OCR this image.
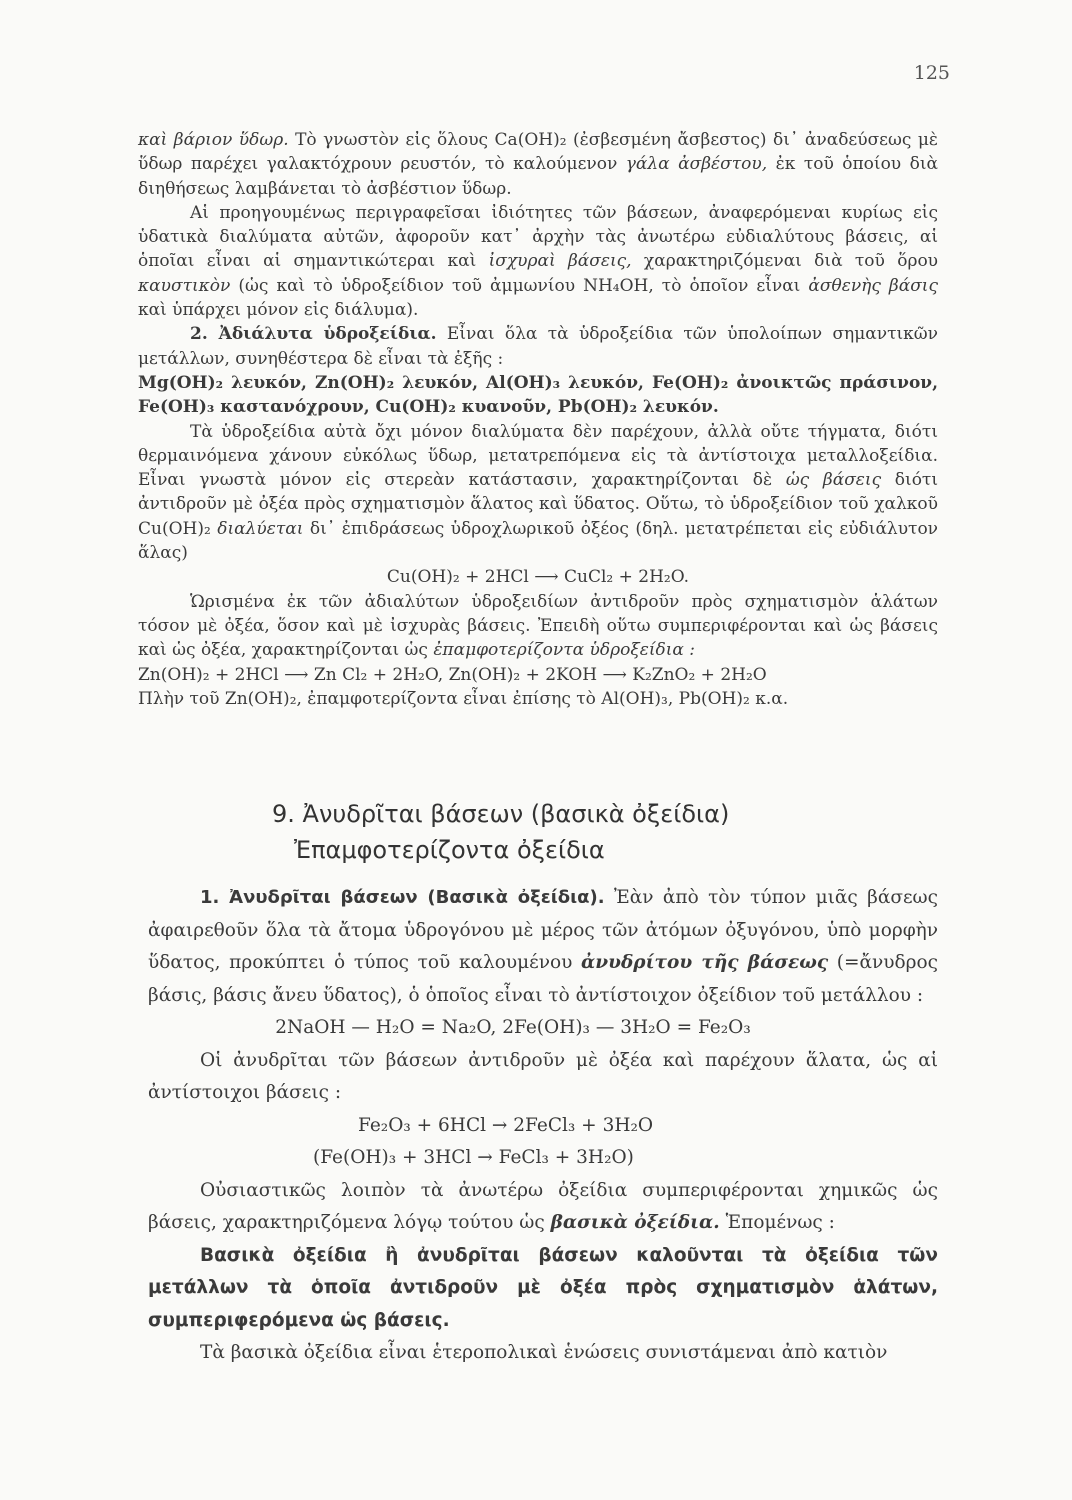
125

καὶ βάριον ὕδωρ. Τὸ γνωστὸν εἰς ὅλους Ca(OH)₂ (ἐσβεσμένη ἄσβεστος) δι᾽ ἀναδεύσεως μὲ ὕδωρ παρέχει γαλακτόχρουν ρευστόν, τὸ καλούμενον γάλα ἀσβέστου, ἐκ τοῦ ὁποίου διὰ διηθήσεως λαμβάνεται τὸ ἀσβέστιον ὕδωρ.

Αἱ προηγουμένως περιγραφεῖσαι ἰδιότητες τῶν βάσεων, ἀναφερόμεναι κυρίως εἰς ὑδατικὰ διαλύματα αὐτῶν, ἀφοροῦν κατ᾽ ἀρχὴν τὰς ἀνωτέρω εὐδιαλύτους βάσεις, αἱ ὁποῖαι εἶναι αἱ σημαντικώτεραι καὶ ἰσχυραὶ βάσεις, χαρακτηριζόμεναι διὰ τοῦ ὅρου καυστικὸν (ὡς καὶ τὸ ὑδροξείδιον τοῦ ἀμμωνίου NH₄OH, τὸ ὁποῖον εἶναι ἀσθενὴς βάσις καὶ ὑπάρχει μόνον εἰς διάλυμα).

2. Ἀδιάλυτα ὑδροξείδια. Εἶναι ὅλα τὰ ὑδροξείδια τῶν ὑπολοίπων σημαντικῶν μετάλλων, συνηθέστερα δὲ εἶναι τὰ ἑξῆς :

Mg(OH)₂ λευκόν, Zn(OH)₂ λευκόν, Al(OH)₃ λευκόν, Fe(OH)₂ ἀνοικτῶς πράσινον, Fe(OH)₃ καστανόχρουν, Cu(OH)₂ κυανοῦν, Pb(OH)₂ λευκόν.

Τὰ ὑδροξείδια αὐτὰ ὄχι μόνον διαλύματα δὲν παρέχουν, ἀλλὰ οὔτε τήγματα, διότι θερμαινόμενα χάνουν εὐκόλως ὕδωρ, μετατρεπόμενα εἰς τὰ ἀντίστοιχα μεταλλοξείδια. Εἶναι γνωστὰ μόνον εἰς στερεὰν κατάστασιν, χαρακτηρίζονται δὲ ὡς βάσεις διότι ἀντιδροῦν μὲ ὀξέα πρὸς σχηματισμὸν ἅλατος καὶ ὕδατος. Οὕτω, τὸ ὑδροξείδιον τοῦ χαλκοῦ Cu(OH)₂ διαλύεται δι᾽ ἐπιδράσεως ὑδροχλωρικοῦ ὀξέος (δηλ. μετατρέπεται εἰς εὐδιάλυτον ἅλας)

Cu(OH)₂ + 2HCl ⟶ CuCl₂ + 2H₂O.

Ὡρισμένα ἐκ τῶν ἀδιαλύτων ὑδροξειδίων ἀντιδροῦν πρὸς σχηματισμὸν ἁλάτων τόσον μὲ ὀξέα, ὅσον καὶ μὲ ἰσχυρὰς βάσεις. Ἐπειδὴ οὕτω συμπεριφέρονται καὶ ὡς βάσεις καὶ ὡς ὀξέα, χαρακτηρίζονται ὡς ἐπαμφοτερίζοντα ὑδροξείδια :

Zn(OH)₂ + 2HCl ⟶ Zn Cl₂ + 2H₂O, Zn(OH)₂ + 2KOH ⟶ K₂ZnO₂ + 2H₂O

Πλὴν τοῦ Zn(OH)₂, ἐπαμφοτερίζοντα εἶναι ἐπίσης τὸ Al(OH)₃, Pb(OH)₂ κ.α.

9. Ἀνυδρῖται βάσεων (βασικὰ ὀξείδια)
Ἐπαμφοτερίζοντα ὀξείδια

1. Ἀνυδρῖται βάσεων (Βασικὰ ὀξείδια). Ἐὰν ἀπὸ τὸν τύπον μιᾶς βάσεως ἀφαιρεθοῦν ὅλα τὰ ἄτομα ὑδρογόνου μὲ μέρος τῶν ἀτόμων ὀξυγόνου, ὑπὸ μορφὴν ὕδατος, προκύπτει ὁ τύπος τοῦ καλουμένου ἀνυδρίτου τῆς βάσεως (=ἄνυδρος βάσις, βάσις ἄνευ ὕδατος), ὁ ὁποῖος εἶναι τὸ ἀντίστοιχον ὀξείδιον τοῦ μετάλλου :

2NaOH — H₂O = Na₂O, 2Fe(OH)₃ — 3H₂O = Fe₂O₃

Οἱ ἀνυδρῖται τῶν βάσεων ἀντιδροῦν μὲ ὀξέα καὶ παρέχουν ἅλατα, ὡς αἱ ἀντίστοιχοι βάσεις :

Fe₂O₃ + 6HCl → 2FeCl₃ + 3H₂O

(Fe(OH)₃ + 3HCl → FeCl₃ + 3H₂O)

Οὐσιαστικῶς λοιπὸν τὰ ἀνωτέρω ὀξείδια συμπεριφέρονται χημικῶς ὡς βάσεις, χαρακτηριζόμενα λόγῳ τούτου ὡς βασικὰ ὀξείδια. Ἑπομένως :

Βασικὰ ὀξείδια ἢ ἀνυδρῖται βάσεων καλοῦνται τὰ ὀξείδια τῶν μετάλλων τὰ ὁποῖα ἀντιδροῦν μὲ ὀξέα πρὸς σχηματισμὸν ἁλάτων, συμπεριφερόμενα ὡς βάσεις.

Τὰ βασικὰ ὀξείδια εἶναι ἑτεροπολικαὶ ἑνώσεις συνιστάμεναι ἀπὸ κατιὸν
